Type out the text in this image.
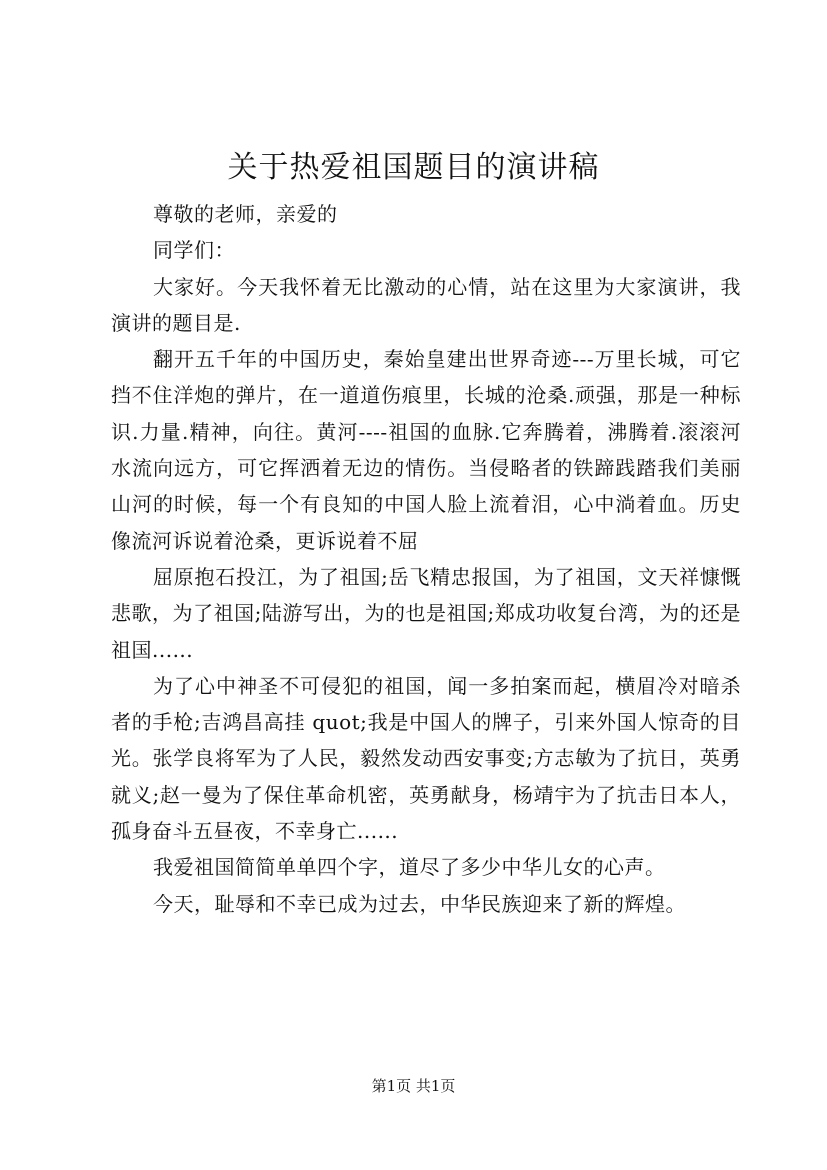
关于热爱祖国题目的演讲稿

尊敬的老师，亲爱的

同学们：

大家好。今天我怀着无比激动的心情，站在这里为大家演讲，我演讲的题目是.

翻开五千年的中国历史，秦始皇建出世界奇迹---万里长城，可它挡不住洋炮的弹片，在一道道伤痕里，长城的沧桑.顽强，那是一种标识.力量.精神，向往。黄河----祖国的血脉.它奔腾着，沸腾着.滚滚河水流向远方，可它挥洒着无边的情伤。当侵略者的铁蹄践踏我们美丽山河的时候，每一个有良知的中国人脸上流着泪，心中淌着血。历史像流河诉说着沧桑，更诉说着不屈

屈原抱石投江，为了祖国;岳飞精忠报国，为了祖国，文天祥慷慨悲歌，为了祖国;陆游写出，为的也是祖国;郑成功收复台湾，为的还是祖国......

为了心中神圣不可侵犯的祖国，闻一多拍案而起，横眉冷对暗杀者的手枪;吉鸿昌高挂 quot;我是中国人的牌子，引来外国人惊奇的目光。张学良将军为了人民，毅然发动西安事变;方志敏为了抗日，英勇就义;赵一曼为了保住革命机密，英勇献身，杨靖宇为了抗击日本人，孤身奋斗五昼夜，不幸身亡......

我爱祖国简简单单四个字，道尽了多少中华儿女的心声。

今天，耻辱和不幸已成为过去，中华民族迎来了新的辉煌。

第1页 共1页
